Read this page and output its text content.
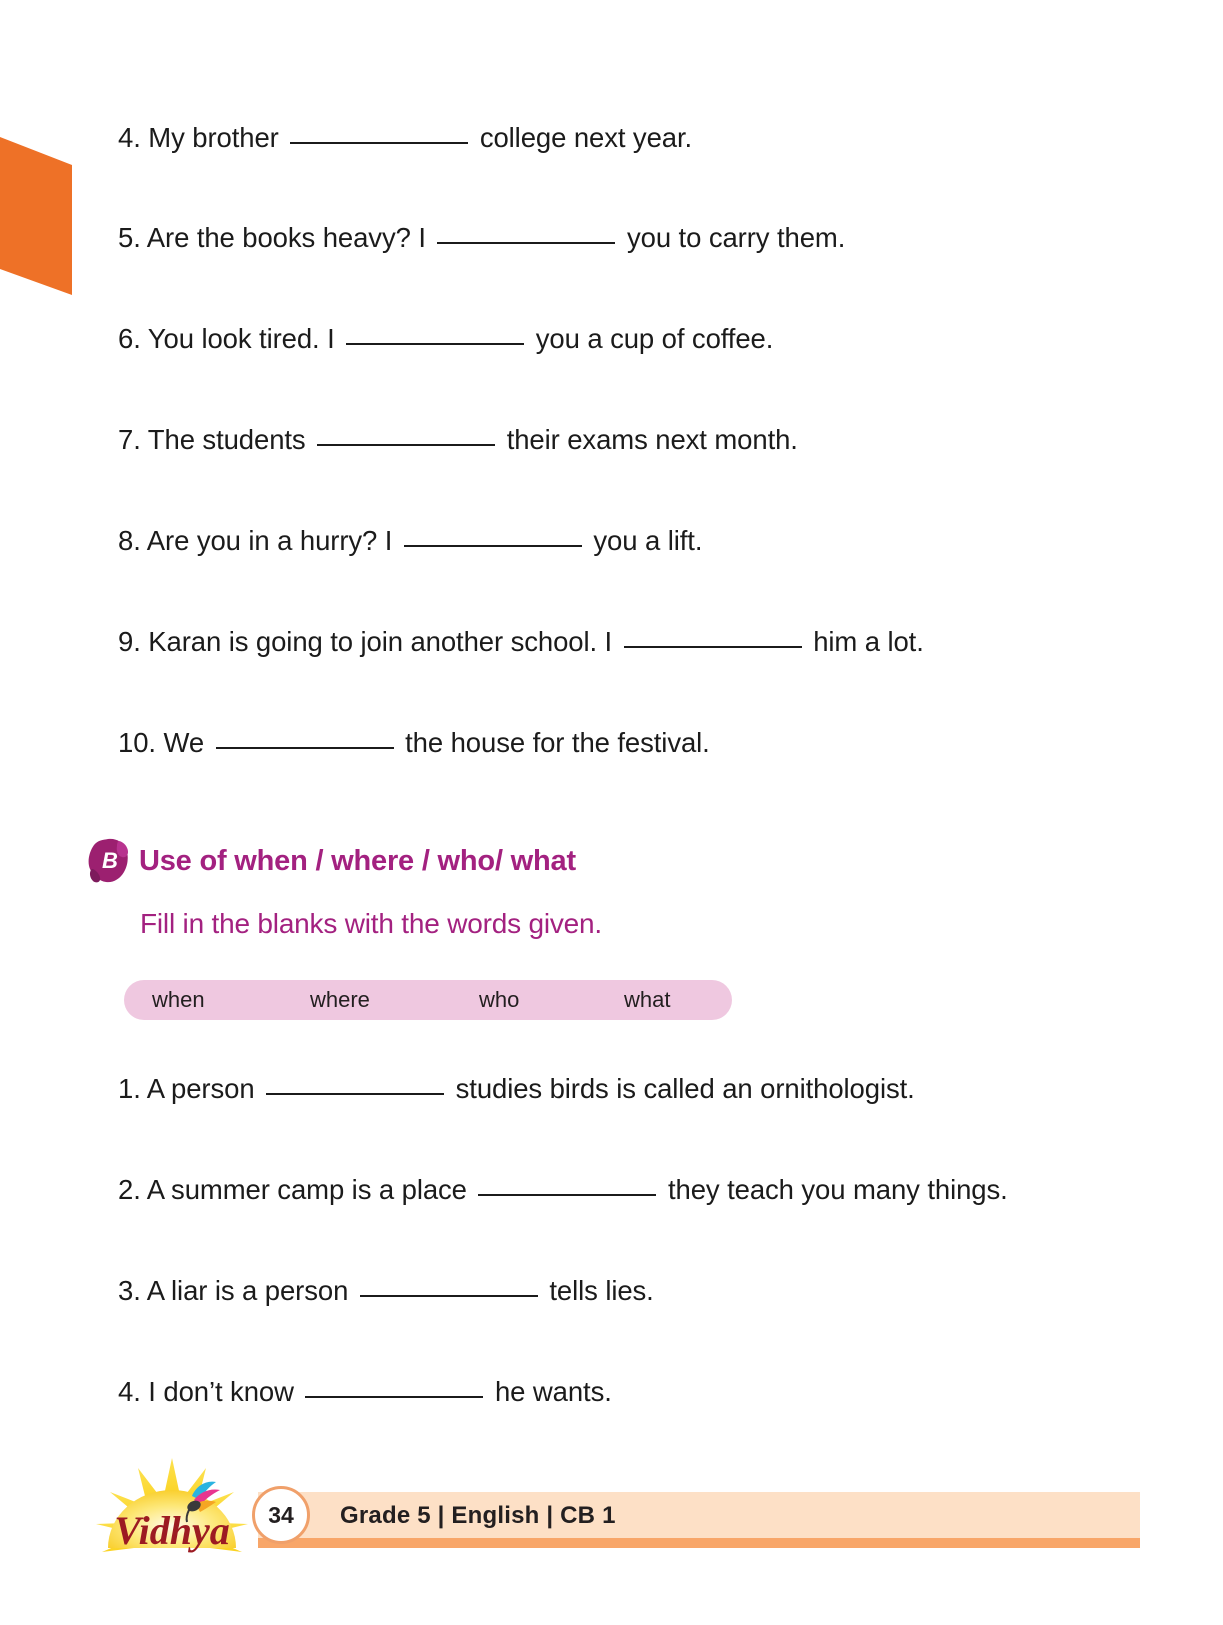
4. My brother	college next year.
5. Are the books heavy? I	you to carry them.
6. You look tired. I	you a cup of coffee.
7. The students	their exams next month.
8. Are you in a hurry? I	you a lift.
9. Karan is going to join another school. I	him a lot.
10. We	the house for the festival.
B Use of when / where / who/ what
Fill in the blanks with the words given.
when	where	who	what
1. A person	studies birds is called an ornithologist.
2. A summer camp is a place	they teach you many things.
3. A liar is a person	tells lies.
4. I don’t know	he wants.
Vidhya 34 Grade 5 | English | CB 1
